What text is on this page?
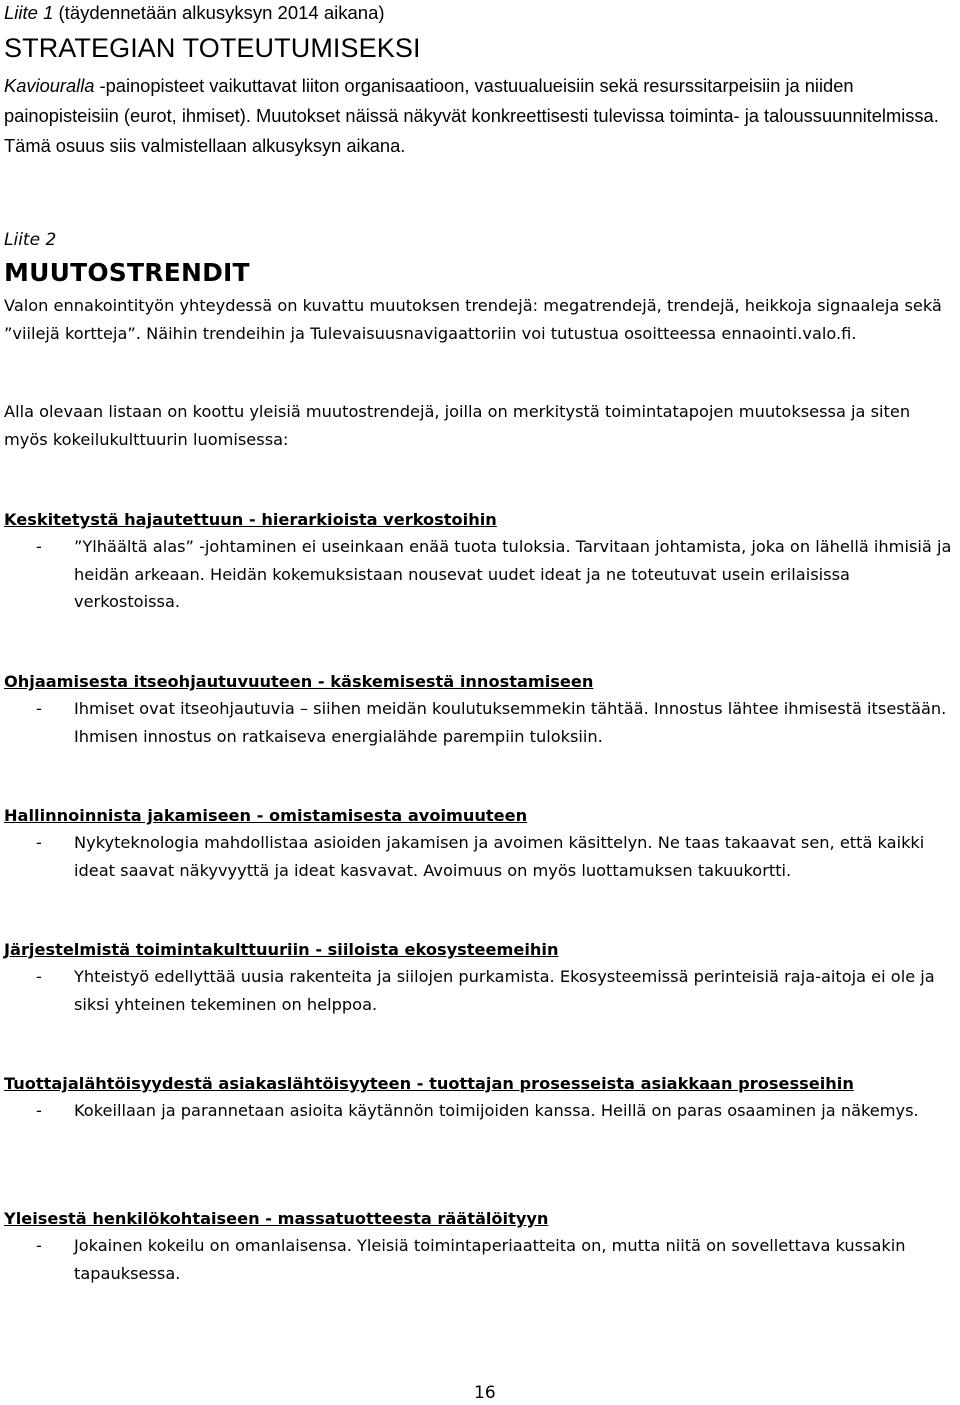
Liite 1 (täydennetään alkusyksyn 2014 aikana)
STRATEGIAN TOTEUTUMISEKSI
Kaviouralla -painopisteet vaikuttavat liiton organisaatioon, vastuualueisiin sekä resurssitarpeisiin ja niiden painopisteisiin (eurot, ihmiset). Muutokset näissä näkyvät konkreettisesti tulevissa toiminta- ja taloussuunnitelmissa. Tämä osuus siis valmistellaan alkusyksyn aikana.
Liite 2
MUUTOSTRENDIT
Valon ennakointityön yhteydessä on kuvattu muutoksen trendejä: megatrendejä, trendejä, heikkoja signaaleja sekä ”viilejä kortteja”. Näihin trendeihin ja Tulevaisuusnavigaattoriin voi tutustua osoitteessa ennaointi.valo.fi.
Alla olevaan listaan on koottu yleisiä muutostrendejä, joilla on merkitystä toimintatapojen muutoksessa ja siten myös kokeilukulttuurin luomisessa:
Keskitetystä hajautettuun - hierarkioista verkostoihin
- ”Ylhäältä alas” -johtaminen ei useinkaan enää tuota tuloksia. Tarvitaan johtamista, joka on lähellä ihmisiä ja heidän arkeaan. Heidän kokemuksistaan nousevat uudet ideat ja ne toteutuvat usein erilaisissa verkostoissa.
Ohjaamisesta itseohjautuvuuteen - käskemisestä innostamiseen
- Ihmiset ovat itseohjautuvia – siihen meidän koulutuksemmekin tähtää. Innostus lähtee ihmisestä itsestään. Ihmisen innostus on ratkaiseva energialähde parempiin tuloksiin.
Hallinnoinnista jakamiseen - omistamisesta avoimuuteen
- Nykyteknologia mahdollistaa asioiden jakamisen ja avoimen käsittelyn. Ne taas takaavat sen, että kaikki ideat saavat näkyvyyttä ja ideat kasvavat. Avoimuus on myös luottamuksen takuukortti.
Järjestelmistä toimintakulttuuriin - siiloista ekosysteemeihin
- Yhteistyö edellyttää uusia rakenteita ja siilojen purkamista. Ekosysteemissä perinteisiä raja-aitoja ei ole ja siksi yhteinen tekeminen on helppoa.
Tuottajalähtöisyydestä asiakaslähtöisyyteen - tuottajan prosesseista asiakkaan prosesseihin
- Kokeillaan ja parannetaan asioita käytännön toimijoiden kanssa. Heillä on paras osaaminen ja näkemys.
Yleisestä henkilökohtaiseen - massatuotteesta räätälöityyn
- Jokainen kokeilu on omanlaisensa. Yleisiä toimintaperiaatteita on, mutta niitä on sovellettava kussakin tapauksessa.
16
